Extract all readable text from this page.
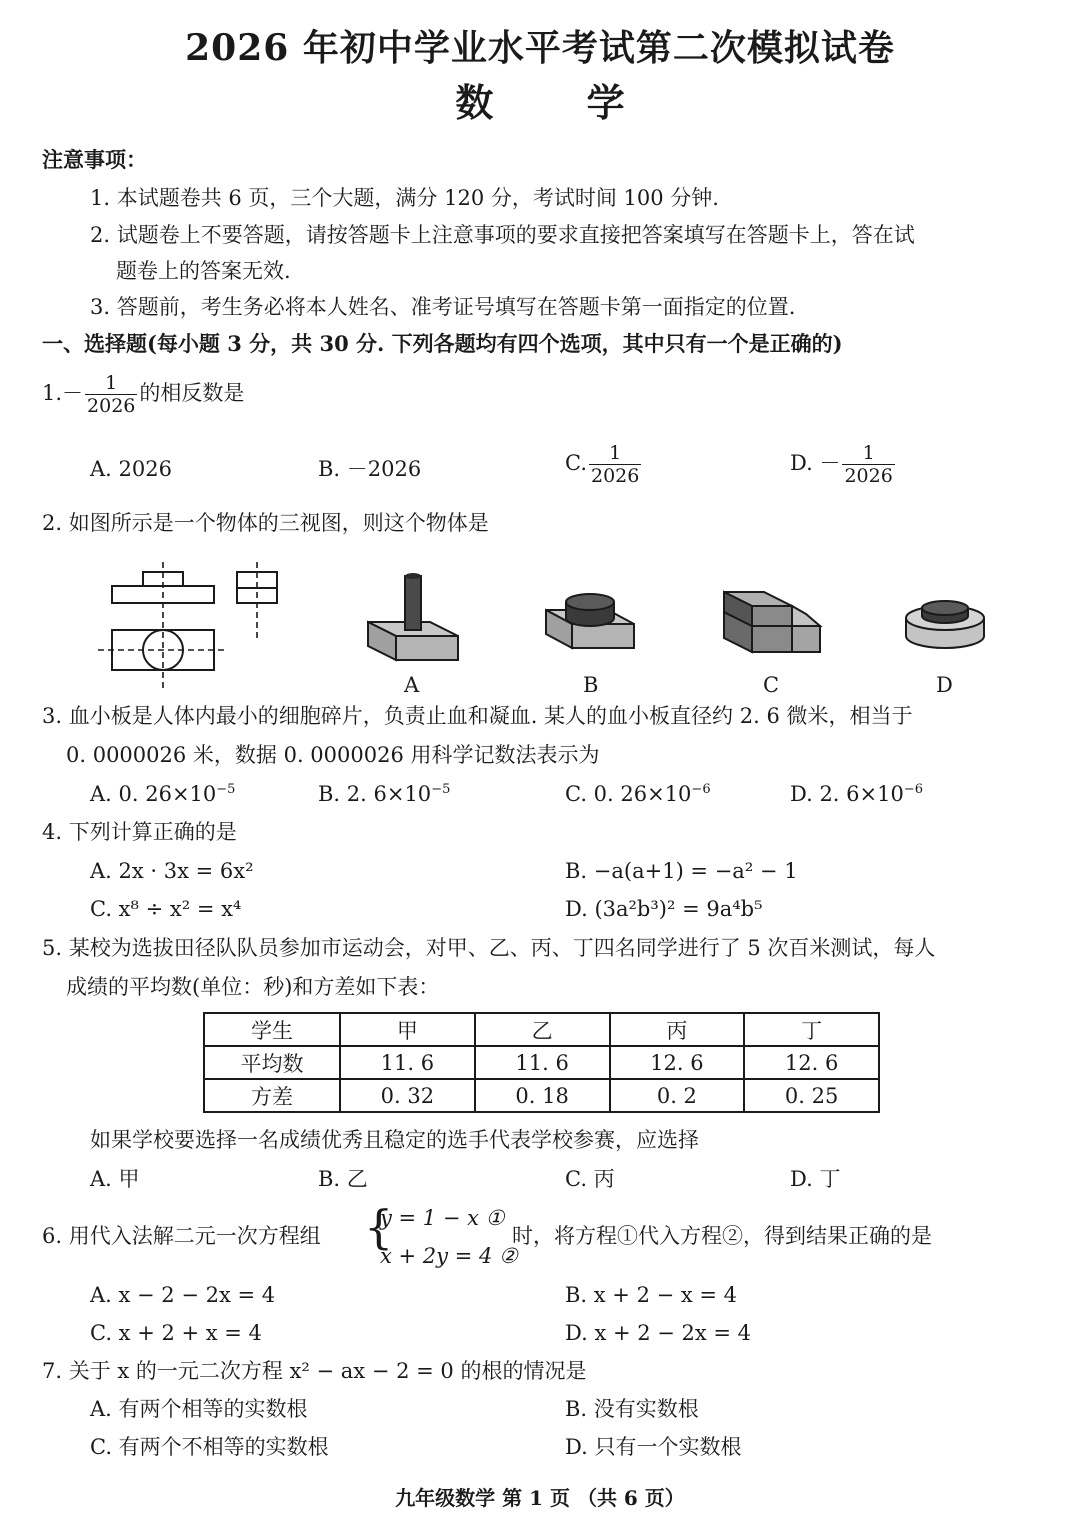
2026 年初中学业水平考试第二次模拟试卷
数 学
注意事项：
1. 本试题卷共 6 页，三个大题，满分 120 分，考试时间 100 分钟.
2. 试题卷上不要答题，请按答题卡上注意事项的要求直接把答案填写在答题卡上，答在试
题卷上的答案无效.
3. 答题前，考生务必将本人姓名、准考证号填写在答题卡第一面指定的位置.
一、选择题(每小题 3 分，共 30 分. 下列各题均有四个选项，其中只有一个是正确的)
$1.- \frac{1}{2026}$ 的相反数是
A. 2026	B. －2026	C. $\frac{1}{2026}$	D. － $\frac{1}{2026}$
2. 如图所示是一个物体的三视图，则这个物体是
A	B	C	D
3. 血小板是人体内最小的细胞碎片，负责止血和凝血. 某人的血小板直径约 2. 6 微米，相当于
0. 0000026 米，数据 0. 0000026 用科学记数法表示为
A. 0. $26\times 10^{-5}$	B. 2. $6\times 10^{-5}$	C. 0. $26\times 10^{-6}$	D. 2. $6\times 10^{-6}$
4. 下列计算正确的是
A. 2x · 3x = 6x²	B. −a(a+1) = −a² − 1
C. x⁸ ÷ x² = x⁴	D. (3a²b³)² = 9a⁴b⁵
5. 某校为选拔田径队队员参加市运动会，对甲、乙、丙、丁四名同学进行了 5 次百米测试，每人
成绩的平均数(单位：秒)和方差如下表：
学生	甲	乙	丙	丁
平均数	11. 6	11. 6	12. 6	12. 6
方差	0. 32	0. 18	0. 2	0. 25
如果学校要选择一名成绩优秀且稳定的选手代表学校参赛，应选择
A. 甲	B. 乙	C. 丙	D. 丁
6. 用代入法解二元一次方程组 {
y = 1 − x ①
x + 2y = 4 ②
时，将方程①代入方程②，得到结果正确的是
A. x − 2 − 2x = 4	B. x + 2 − x = 4
C. x + 2 + x = 4	D. x + 2 − 2x = 4
7. 关于 x 的一元二次方程 x² − ax − 2 = 0 的根的情况是
A. 有两个相等的实数根	B. 没有实数根
C. 有两个不相等的实数根	D. 只有一个实数根
九年级数学 第 1 页 （共 6 页）
